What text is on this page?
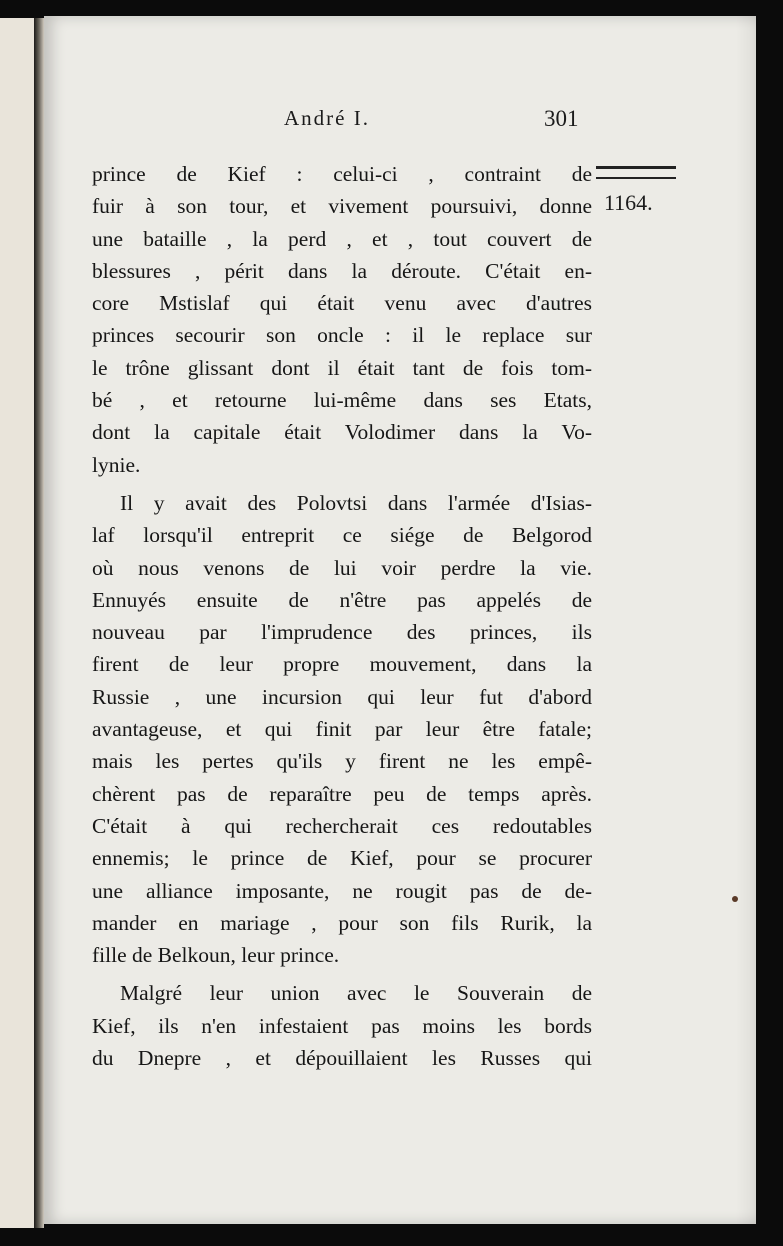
André I.	301
1164.

prince de Kief : celui-ci , contraint de
fuir à son tour, et vivement poursuivi, donne
une bataille , la perd , et , tout couvert de
blessures , périt dans la déroute. C'était en-
core Mstislaf qui était venu avec d'autres
princes secourir son oncle : il le replace sur
le trône glissant dont il était tant de fois tom-
bé , et retourne lui-même dans ses Etats,
dont la capitale était Volodimer dans la Vo-
lynie.

Il y avait des Polovtsi dans l'armée d'Isias-
laf lorsqu'il entreprit ce siége de Belgorod
où nous venons de lui voir perdre la vie.
Ennuyés ensuite de n'être pas appelés de
nouveau par l'imprudence des princes, ils
firent de leur propre mouvement, dans la
Russie , une incursion qui leur fut d'abord
avantageuse, et qui finit par leur être fatale;
mais les pertes qu'ils y firent ne les empê-
chèrent pas de reparaître peu de temps après.
C'était à qui rechercherait ces redoutables
ennemis; le prince de Kief, pour se procurer
une alliance imposante, ne rougit pas de de-
mander en mariage , pour son fils Rurik, la
fille de Belkoun, leur prince.

Malgré leur union avec le Souverain de
Kief, ils n'en infestaient pas moins les bords
du Dnepre , et dépouillaient les Russes qui
